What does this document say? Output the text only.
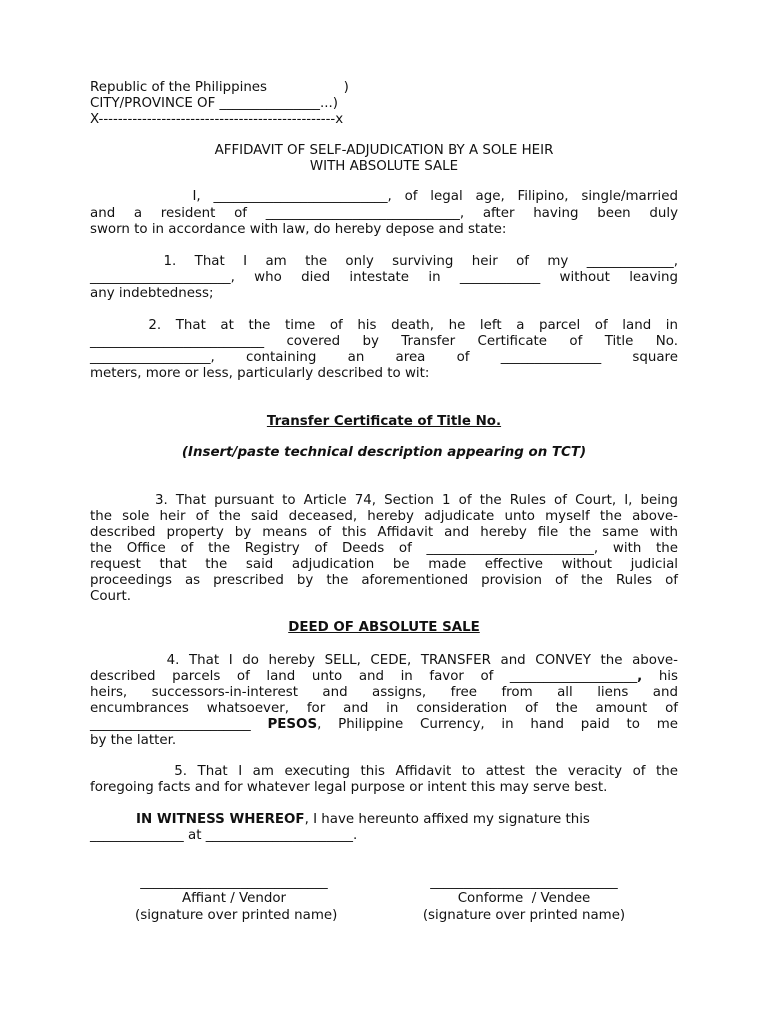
Republic of the Philippines                  )
CITY/PROVINCE OF _______________...)
X-------------------------------------------------x
AFFIDAVIT OF SELF-ADJUDICATION BY A SOLE HEIR
WITH ABSOLUTE SALE
I, __________________________, of legal age, Filipino, single/married
and a resident of _____________________________, after having been duly
sworn to in accordance with law, do hereby depose and state:
1.  That  I  am  the  only  surviving  heir  of  my  _____________,
_____________________, who died intestate in ____________ without leaving
any indebtedness;
2.  That  at  the  time  of  his  death,  he  left  a  parcel  of  land  in
__________________________  covered  by  Transfer  Certificate  of  Title  No.
__________________,   containing   an   area   of   _______________   square
meters, more or less, particularly described to wit:
Transfer Certificate of Title No.
(Insert/paste technical description appearing on TCT)
3. That pursuant to Article 74, Section 1 of the Rules of Court, I, being
the sole heir of the said deceased, hereby adjudicate unto myself the above-
described property by means of this Affidavit and hereby file the same with
the Office of the Registry of Deeds of _________________________, with the
request  that  the  said  adjudication  be  made  effective  without  judicial
proceedings as prescribed by the aforementioned provision of the Rules of
Court.
DEED OF ABSOLUTE SALE
4. That I do hereby SELL, CEDE, TRANSFER and CONVEY the above-
described parcels of land unto and in favor of ___________________, his
heirs,   successors-in-interest   and   assigns,   free   from   all   liens   and
encumbrances   whatsoever,   for   and   in   consideration   of   the   amount   of
________________________ PESOS, Philippine Currency, in hand paid to me
by the latter.
5. That I am executing this Affidavit to attest the veracity of the
foregoing facts and for whatever legal purpose or intent this may serve best.
IN WITNESS WHEREOF, I have hereunto affixed my signature this
______________ at ______________________.
____________________________
Affiant / Vendor
(signature over printed name)
____________________________
Conforme  / Vendee
(signature over printed name)
